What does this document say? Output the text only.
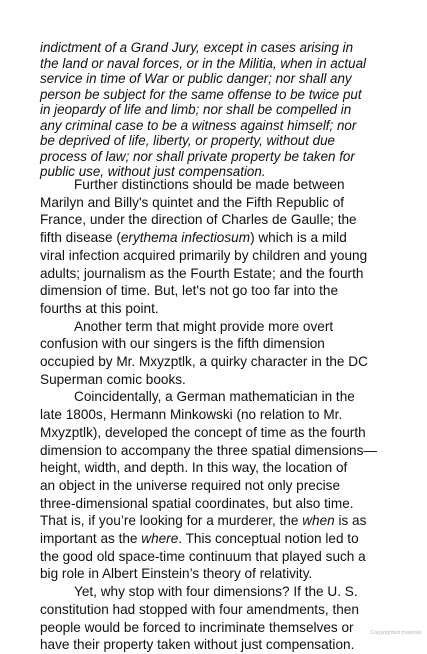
indictment of a Grand Jury, except in cases arising in
the land or naval forces, or in the Militia, when in actual
service in time of War or public danger; nor shall any
person be subject for the same offense to be twice put
in jeopardy of life and limb; nor shall be compelled in
any criminal case to be a witness against himself; nor
be deprived of life, liberty, or property, without due
process of law; nor shall private property be taken for
public use, without just compensation.
Further distinctions should be made between
Marilyn and Billy's quintet and the Fifth Republic of
France, under the direction of Charles de Gaulle; the
fifth disease (erythema infectiosum) which is a mild
viral infection acquired primarily by children and young
adults; journalism as the Fourth Estate; and the fourth
dimension of time. But, let's not go too far into the
fourths at this point.
Another term that might provide more overt
confusion with our singers is the fifth dimension
occupied by Mr. Mxyzptlk, a quirky character in the DC
Superman comic books.
Coincidentally, a German mathematician in the
late 1800s, Hermann Minkowski (no relation to Mr.
Mxyzptlk), developed the concept of time as the fourth
dimension to accompany the three spatial dimensions—
height, width, and depth. In this way, the location of
an object in the universe required not only precise
three-dimensional spatial coordinates, but also time.
That is, if you’re looking for a murderer, the when is as
important as the where. This conceptual notion led to
the good old space-time continuum that played such a
big role in Albert Einstein’s theory of relativity.
Yet, why stop with four dimensions? If the U. S.
constitution had stopped with four amendments, then
people would be forced to incriminate themselves or
have their property taken without just compensation.
Copyrighted material
